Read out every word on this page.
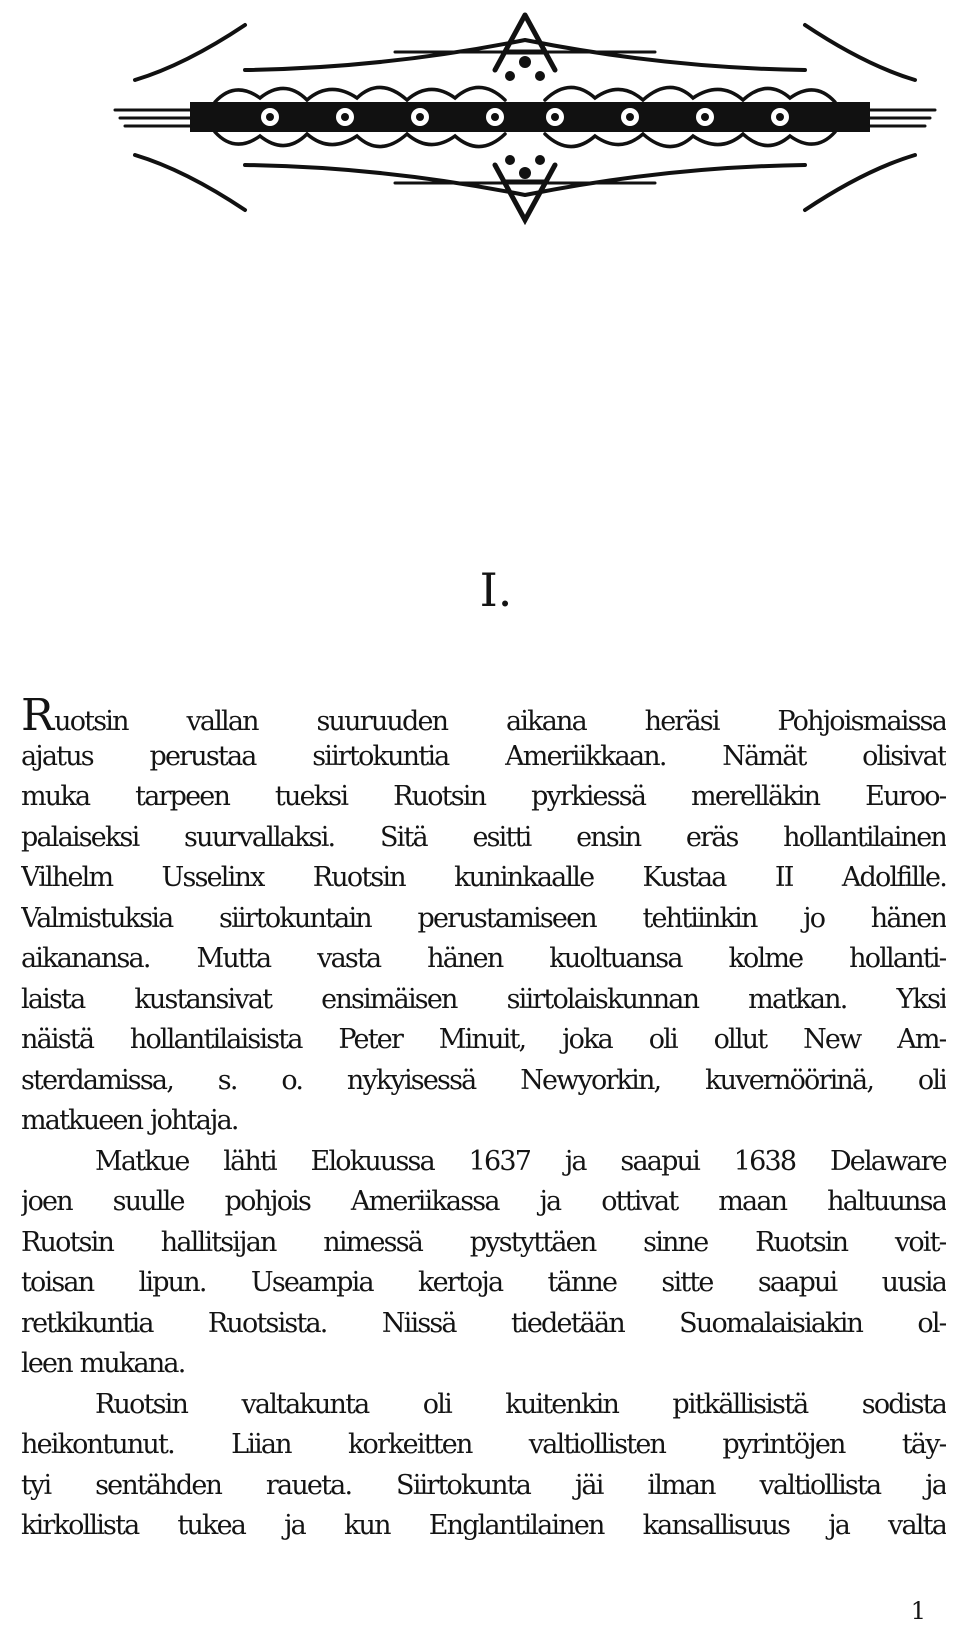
I.

Ruotsin vallan suuruuden aikana heräsi Pohjoismaissa
ajatus perustaa siirtokuntia Ameriikkaan. Nämät olisivat
muka tarpeen tueksi Ruotsin pyrkiessä merelläkin Euroo-
palaiseksi suurvallaksi. Sitä esitti ensin eräs hollantilainen
Vilhelm Usselinx Ruotsin kuninkaalle Kustaa II Adolfille.
Valmistuksia siirtokuntain perustamiseen tehtiinkin jo hänen
aikanansa. Mutta vasta hänen kuoltuansa kolme hollanti-
laista kustansivat ensimäisen siirtolaiskunnan matkan. Yksi
näistä hollantilaisista Peter Minuit, joka oli ollut New Am-
sterdamissa, s. o. nykyisessä Newyorkin, kuvernöörinä, oli
matkueen johtaja.

Matkue lähti Elokuussa 1637 ja saapui 1638 Delaware
joen suulle pohjois Ameriikassa ja ottivat maan haltuunsa
Ruotsin hallitsijan nimessä pystyttäen sinne Ruotsin voit-
toisan lipun. Useampia kertoja tänne sitte saapui uusia
retkikuntia Ruotsista. Niissä tiedetään Suomalaisiakin ol-
leen mukana.

Ruotsin valtakunta oli kuitenkin pitkällisistä sodista
heikontunut. Liian korkeitten valtiollisten pyrintöjen täy-
tyi sentähden raueta. Siirtokunta jäi ilman valtiollista ja
kirkollista tukea ja kun Englantilainen kansallisuus ja valta

1
